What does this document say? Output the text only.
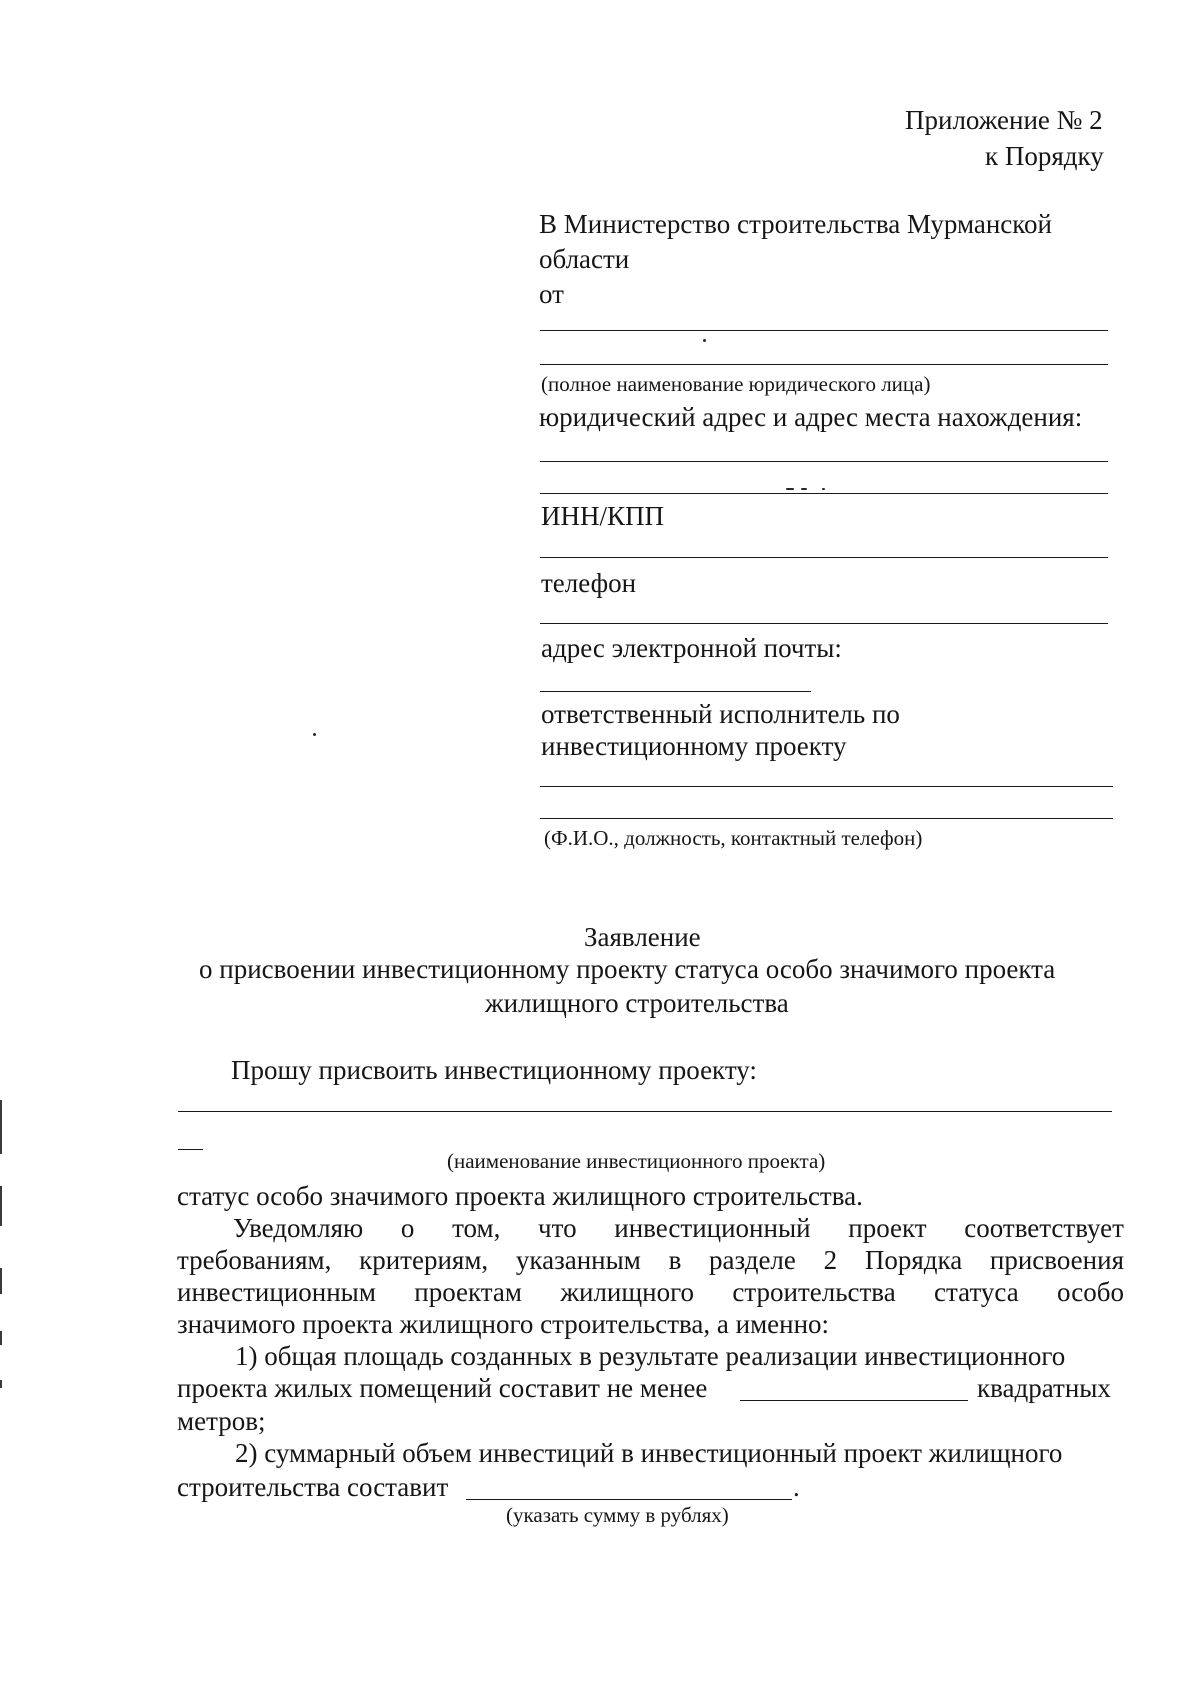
Приложение № 2
к Порядку
В Министерство строительства Мурманской
области
от
(полное наименование юридического лица)
юридический адрес и адрес места нахождения:
ИНН/КПП
телефон
адрес электронной почты:
ответственный исполнитель по
инвестиционному проекту
(Ф.И.О., должность, контактный телефон)
Заявление
о присвоении инвестиционному проекту статуса особо значимого проекта
жилищного строительства
Прошу присвоить инвестиционному проекту:
(наименование инвестиционного проекта)
статус особо значимого проекта жилищного строительства.
Уведомляю о том, что инвестиционный проект соответствует
требованиям, критериям, указанным в разделе 2 Порядка присвоения
инвестиционным проектам жилищного строительства статуса особо
значимого проекта жилищного строительства, а именно:
1) общая площадь созданных в результате реализации инвестиционного
проекта жилых помещений составит не менее	квадратных
метров;
2) суммарный объем инвестиций в инвестиционный проект жилищного
строительства составит	.
(указать сумму в рублях)
